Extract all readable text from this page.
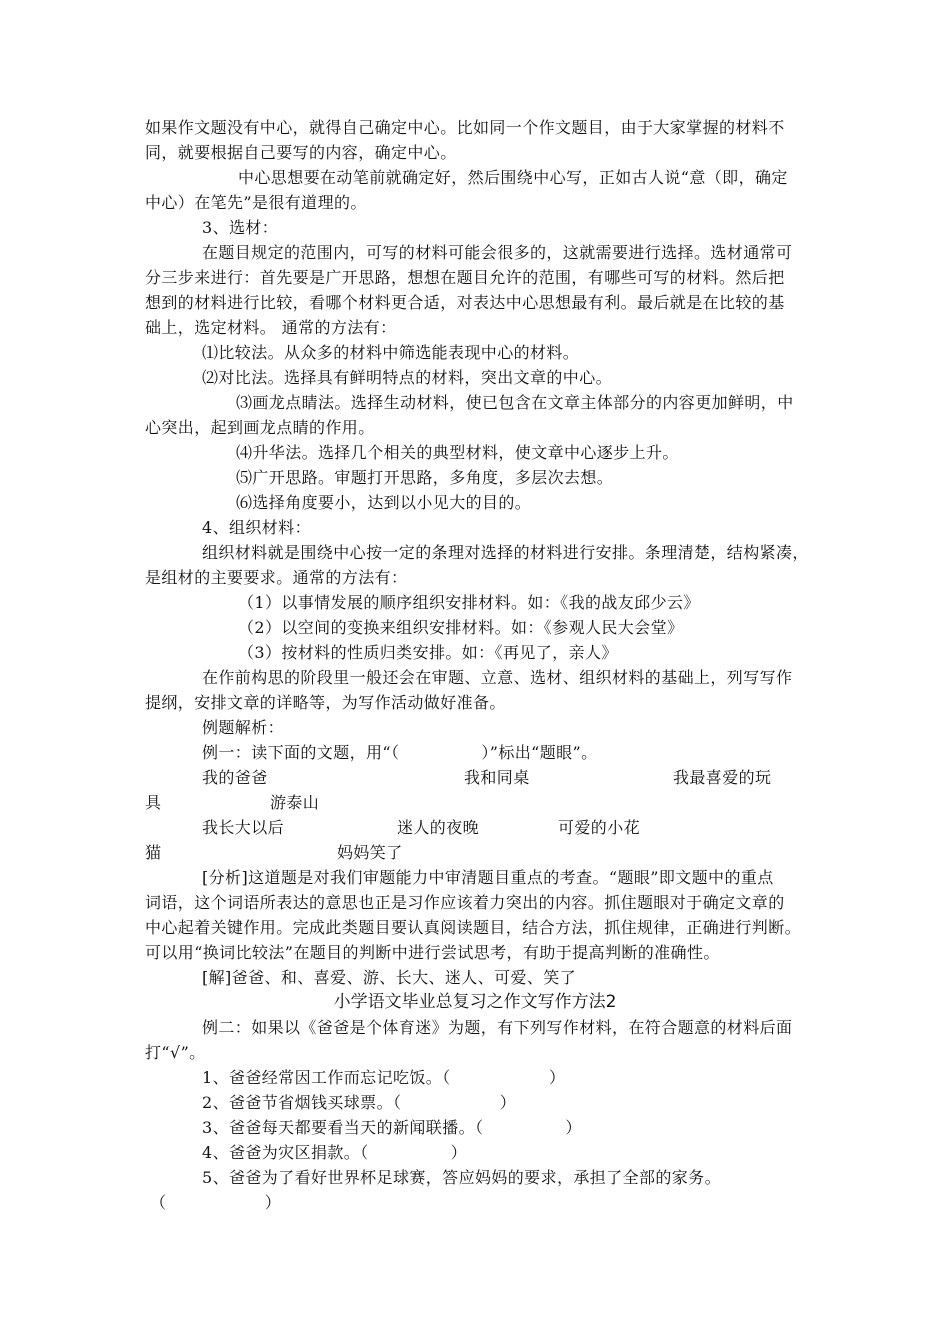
如果作文题没有中心，就得自己确定中心。比如同一个作文题目，由于大家掌握的材料不
同，就要根据自己要写的内容，确定中心。
中心思想要在动笔前就确定好，然后围绕中心写，正如古人说“意（即，确定
中心）在笔先”是很有道理的。
3、选材：
在题目规定的范围内，可写的材料可能会很多的，这就需要进行选择。选材通常可
分三步来进行：首先要是广开思路，想想在题目允许的范围，有哪些可写的材料。然后把
想到的材料进行比较，看哪个材料更合适，对表达中心思想最有利。最后就是在比较的基
础上，选定材料。 通常的方法有：
⑴比较法。从众多的材料中筛选能表现中心的材料。
⑵对比法。选择具有鲜明特点的材料，突出文章的中心。
⑶画龙点睛法。选择生动材料，使已包含在文章主体部分的内容更加鲜明，中
心突出，起到画龙点睛的作用。
⑷升华法。选择几个相关的典型材料，使文章中心逐步上升。
⑸广开思路。审题打开思路，多角度，多层次去想。
⑹选择角度要小，达到以小见大的目的。
4、组织材料：
组织材料就是围绕中心按一定的条理对选择的材料进行安排。条理清楚，结构紧凑，
是组材的主要要求。通常的方法有：
（1）以事情发展的顺序组织安排材料。如：《我的战友邱少云》
（2）以空间的变换来组织安排材料。如：《参观人民大会堂》
（3）按材料的性质归类安排。如：《再见了，亲人》
在作前构思的阶段里一般还会在审题、立意、选材、组织材料的基础上，列写写作
提纲，安排文章的详略等，为写作活动做好准备。
例题解析：
例一：读下面的文题，用“（　　　　　）”标出“题眼”。
我的爸爸	我和同桌	我最喜爱的玩
具	游泰山
我长大以后	迷人的夜晚	可爱的小花
猫	妈妈笑了
[分析]这道题是对我们审题能力中审清题目重点的考查。“题眼”即文题中的重点
词语，这个词语所表达的意思也正是习作应该着力突出的内容。抓住题眼对于确定文章的
中心起着关键作用。完成此类题目要认真阅读题目，结合方法，抓住规律，正确进行判断。
可以用“换词比较法”在题目的判断中进行尝试思考，有助于提高判断的准确性。
[解]爸爸、和、喜爱、游、长大、迷人、可爱、笑了
小学语文毕业总复习之作文写作方法2
例二：如果以《爸爸是个体育迷》为题，有下列写作材料，在符合题意的材料后面
打“√”。
1、爸爸经常因工作而忘记吃饭。（　　　　　　）
2、爸爸节省烟钱买球票。（　　　　　　）
3、爸爸每天都要看当天的新闻联播。（　　　　　）
4、爸爸为灾区捐款。（　　　　　）
5、爸爸为了看好世界杯足球赛，答应妈妈的要求，承担了全部的家务。
（　　　　　　）
